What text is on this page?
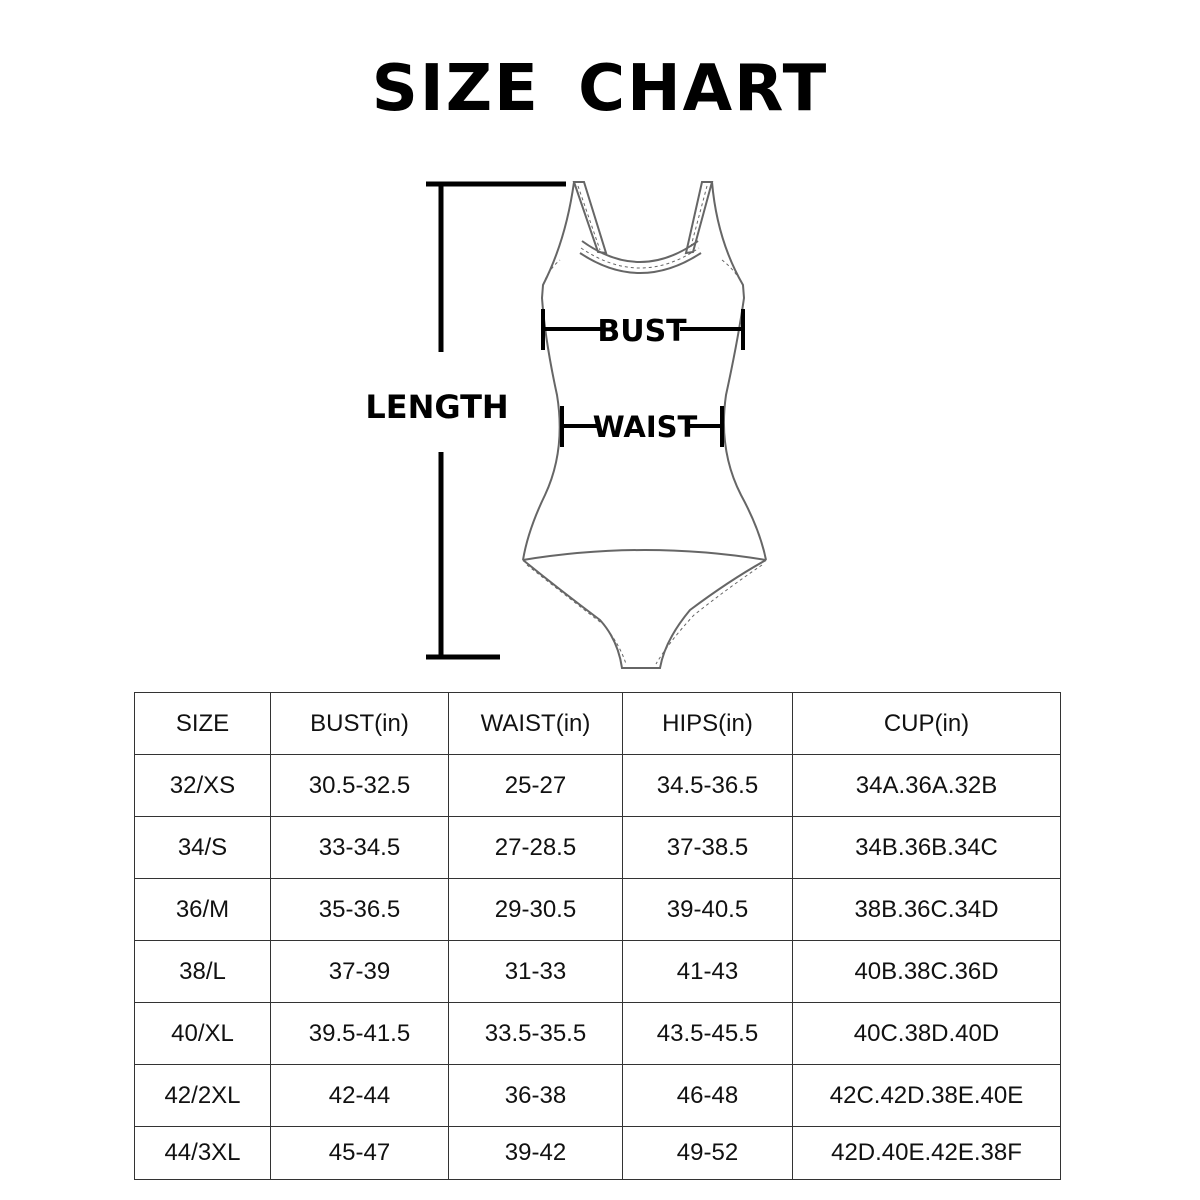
SIZE CHART
LENGTH
BUST
WAIST
SIZE	BUST(in)	WAIST(in)	HIPS(in)	CUP(in)
32/XS	30.5-32.5	25-27	34.5-36.5	34A.36A.32B
34/S	33-34.5	27-28.5	37-38.5	34B.36B.34C
36/M	35-36.5	29-30.5	39-40.5	38B.36C.34D
38/L	37-39	31-33	41-43	40B.38C.36D
40/XL	39.5-41.5	33.5-35.5	43.5-45.5	40C.38D.40D
42/2XL	42-44	36-38	46-48	42C.42D.38E.40E
44/3XL	45-47	39-42	49-52	42D.40E.42E.38F
